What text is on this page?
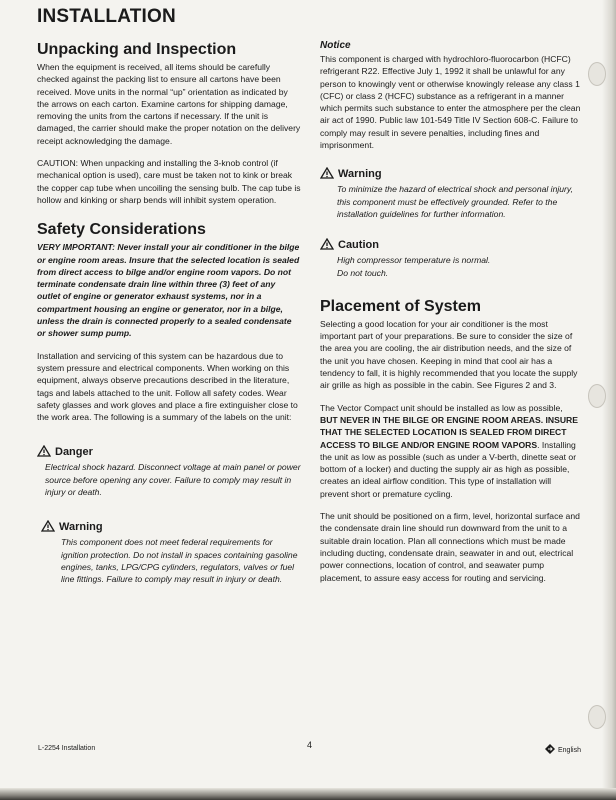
INSTALLATION
Unpacking and Inspection

When the equipment is received, all items should be carefully checked against the packing list to ensure all cartons have been received. Move units in the normal “up” orientation as indicated by the arrows on each carton. Examine cartons for shipping damage, removing the units from the cartons if necessary. If the unit is damaged, the carrier should make the proper notation on the delivery receipt acknowledging the damage.

CAUTION: When unpacking and installing the 3-knob control (if mechanical option is used), care must be taken not to kink or break the copper cap tube when uncoiling the sensing bulb. The cap tube is hollow and kinking or sharp bends will inhibit system operation.

Safety Considerations

VERY IMPORTANT: Never install your air conditioner in the bilge or engine room areas. Insure that the selected location is sealed from direct access to bilge and/or engine room vapors. Do not terminate condensate drain line within three (3) feet of any outlet of engine or generator exhaust systems, nor in a compartment housing an engine or generator, nor in a bilge, unless the drain is connected properly to a sealed condensate or shower sump pump.

Installation and servicing of this system can be hazardous due to system pressure and electrical components. When working on this equipment, always observe precautions described in the literature, tags and labels attached to the unit. Follow all safety codes. Wear safety glasses and work gloves and place a fire extinguisher close to the work area. The following is a summary of the labels on the unit:

Danger

Electrical shock hazard. Disconnect voltage at main panel or power source before opening any cover. Failure to comply may result in injury or death.

Warning

This component does not meet federal requirements for ignition protection. Do not install in spaces containing gasoline engines, tanks, LPG/CPG cylinders, regulators, valves or fuel line fittings. Failure to comply may result in injury or death.

Notice

This component is charged with hydrochloro-fluorocarbon (HCFC) refrigerant R22. Effective July 1, 1992 it shall be unlawful for any person to knowingly vent or otherwise knowingly release any class 1 (CFC) or class 2 (HCFC) substance as a refrigerant in a manner which permits such substance to enter the atmosphere per the clean air act of 1990. Public law 101-549 Title IV Section 608-C. Failure to comply may result in severe penalties, including fines and imprisonment.

Warning

To minimize the hazard of electrical shock and personal injury, this component must be effectively grounded. Refer to the installation guidelines for further information.

Caution

High compressor temperature is normal.

Do not touch.

Placement of System

Selecting a good location for your air conditioner is the most important part of your preparations. Be sure to consider the size of the area you are cooling, the air distribution needs, and the size of the unit you have chosen. Keeping in mind that cool air has a tendency to fall, it is highly recommended that you locate the supply air grille as high as possible in the cabin. See Figures 2 and 3.

The Vector Compact unit should be installed as low as possible, BUT NEVER IN THE BILGE OR ENGINE ROOM AREAS. INSURE THAT THE SELECTED LOCATION IS SEALED FROM DIRECT ACCESS TO BILGE AND/OR ENGINE ROOM VAPORS. Installing the unit as low as possible (such as under a V-berth, dinette seat or bottom of a locker) and ducting the supply air as high as possible, creates an ideal airflow condition. This type of installation will prevent short or premature cycling.

The unit should be positioned on a firm, level, horizontal surface and the condensate drain line should run downward from the unit to a suitable drain location. Plan all connections which must be made including ducting, condensate drain, seawater in and out, electrical power connections, location of control, and seawater pump placement, to assure easy access for routing and servicing.

L-2254 Installation	4
English
